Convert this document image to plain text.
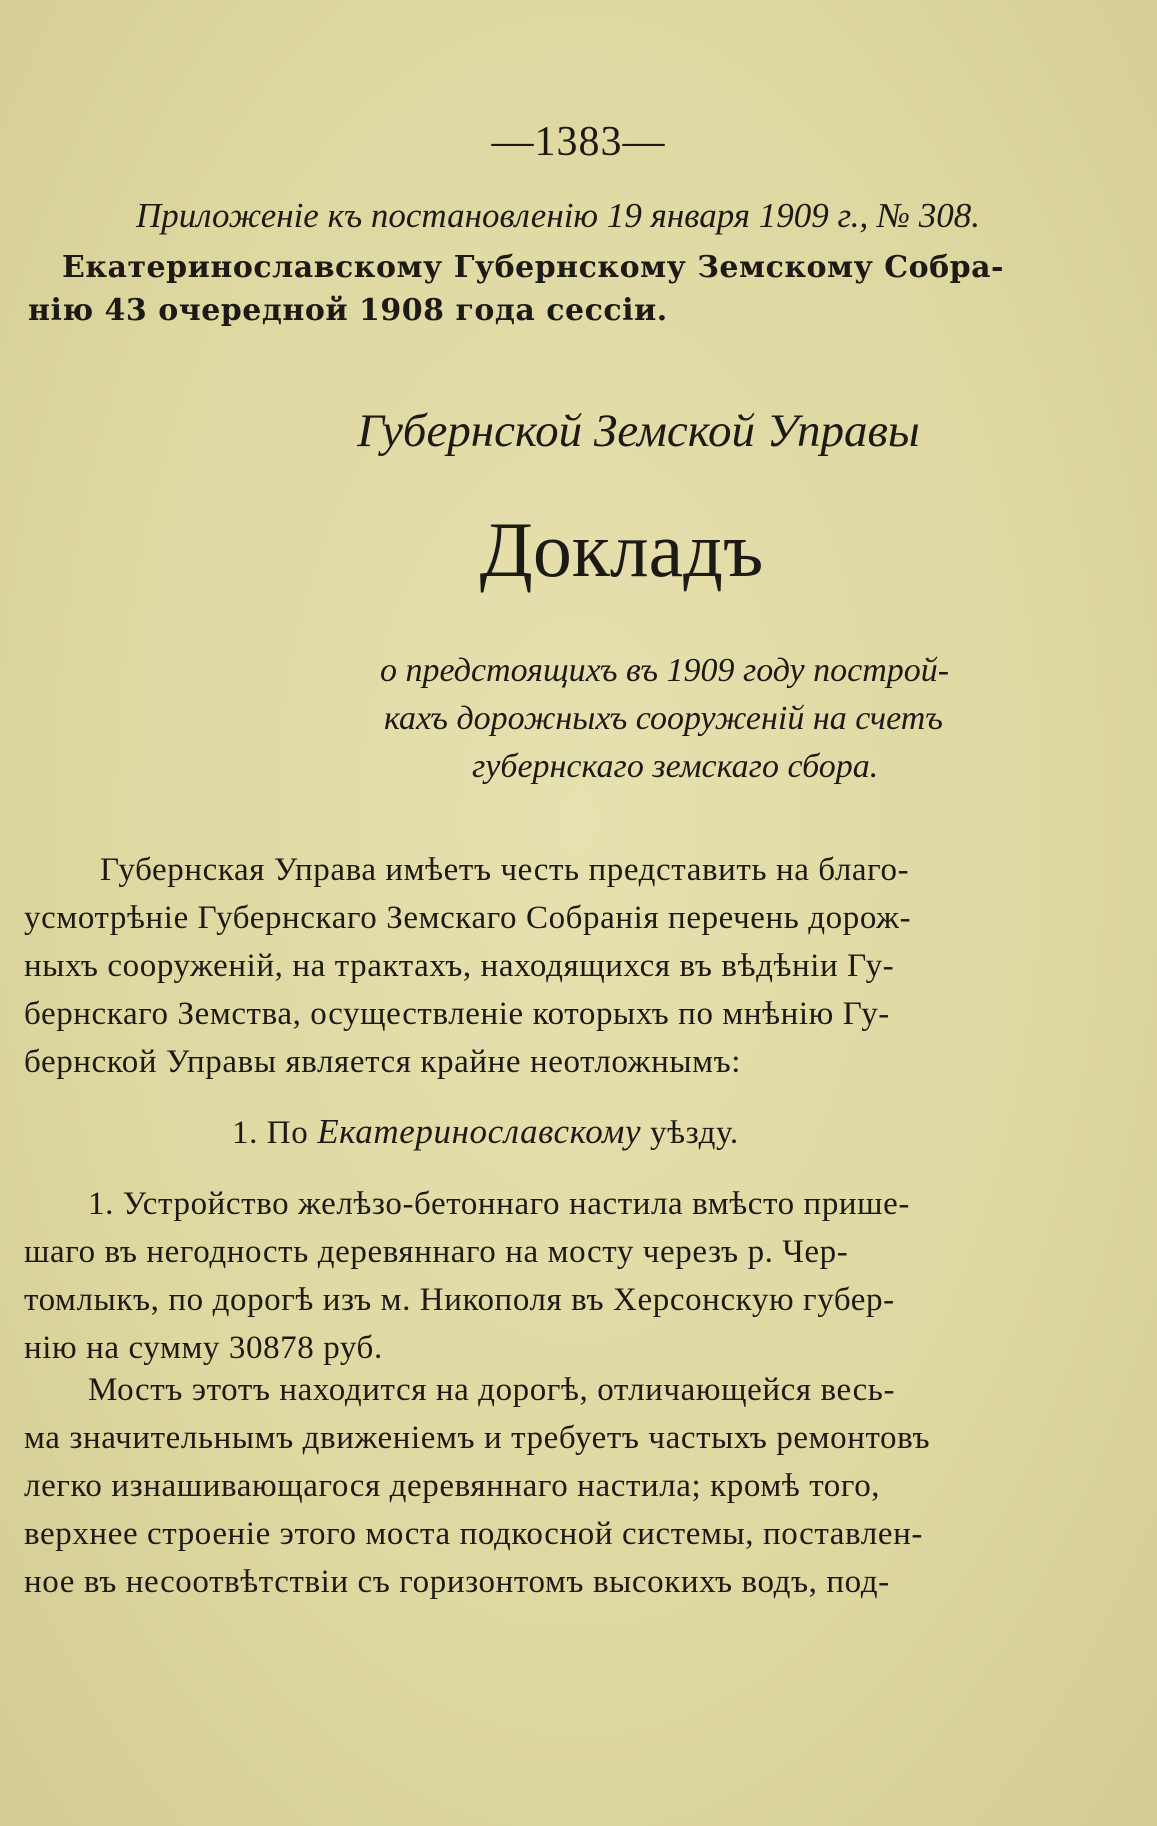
—1383—
Приложенiе къ постановленiю 19 января 1909 г., № 308.
Екатеринославскому Губернскому Земскому Собра-
нiю 43 очередной 1908 года сессiи.
Губернской Земской Управы
Докладъ
о предстоящихъ въ 1909 году построй-
кахъ дорожныхъ сооруженiй на счетъ
губернскаго земскаго сбора.
Губернская Управа имѣетъ честь представить на благо-
усмотрѣнiе Губернскаго Земскаго Собранiя перечень дорож-
ныхъ сооруженiй, на трактахъ, находящихся въ вѣдѣнiи Гу-
бернскаго Земства, осуществленiе которыхъ по мнѣнiю Гу-
бернской Управы является крайне неотложнымъ:
1. По Екатеринославскому уѣзду.
1. Устройство желѣзо-бетоннаго настила вмѣсто прише-
шаго въ негодность деревяннаго на мосту черезъ р. Чер-
томлыкъ, по дорогѣ изъ м. Никополя въ Херсонскую губер-
нiю на сумму 30878 руб.
Мостъ этотъ находится на дорогѣ, отличающейся весь-
ма значительнымъ движенiемъ и требуетъ частыхъ ремонтовъ
легко изнашивающагося деревяннаго настила; кромѣ того,
верхнее строенiе этого моста подкосной системы, поставлен-
ное въ несоотвѣтствiи съ горизонтомъ высокихъ водъ, под-
